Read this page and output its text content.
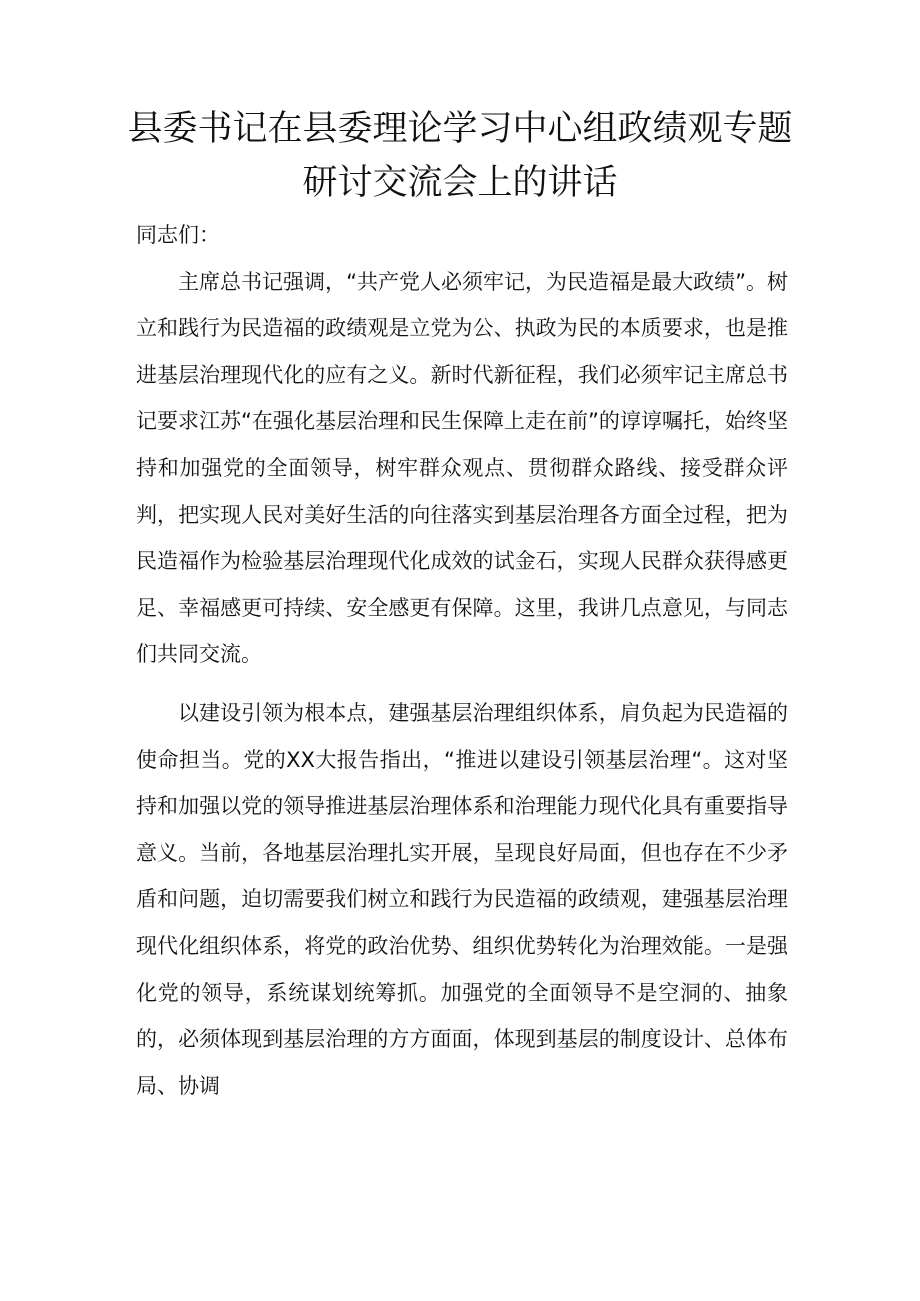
县委书记在县委理论学习中心组政绩观专题研讨交流会上的讲话

同志们：

主席总书记强调，“共产党人必须牢记，为民造福是最大政绩”。树立和践行为民造福的政绩观是立党为公、执政为民的本质要求，也是推进基层治理现代化的应有之义。新时代新征程，我们必须牢记主席总书记要求江苏“在强化基层治理和民生保障上走在前”的谆谆嘱托，始终坚持和加强党的全面领导，树牢群众观点、贯彻群众路线、接受群众评判，把实现人民对美好生活的向往落实到基层治理各方面全过程，把为民造福作为检验基层治理现代化成效的试金石，实现人民群众获得感更足、幸福感更可持续、安全感更有保障。这里，我讲几点意见，与同志们共同交流。

以建设引领为根本点，建强基层治理组织体系，肩负起为民造福的使命担当。党的XX大报告指出，“推进以建设引领基层治理“。这对坚持和加强以党的领导推进基层治理体系和治理能力现代化具有重要指导意义。当前，各地基层治理扎实开展，呈现良好局面，但也存在不少矛盾和问题，迫切需要我们树立和践行为民造福的政绩观，建强基层治理现代化组织体系，将党的政治优势、组织优势转化为治理效能。一是强化党的领导，系统谋划统筹抓。加强党的全面领导不是空洞的、抽象的，必须体现到基层治理的方方面面，体现到基层的制度设计、总体布局、协调
